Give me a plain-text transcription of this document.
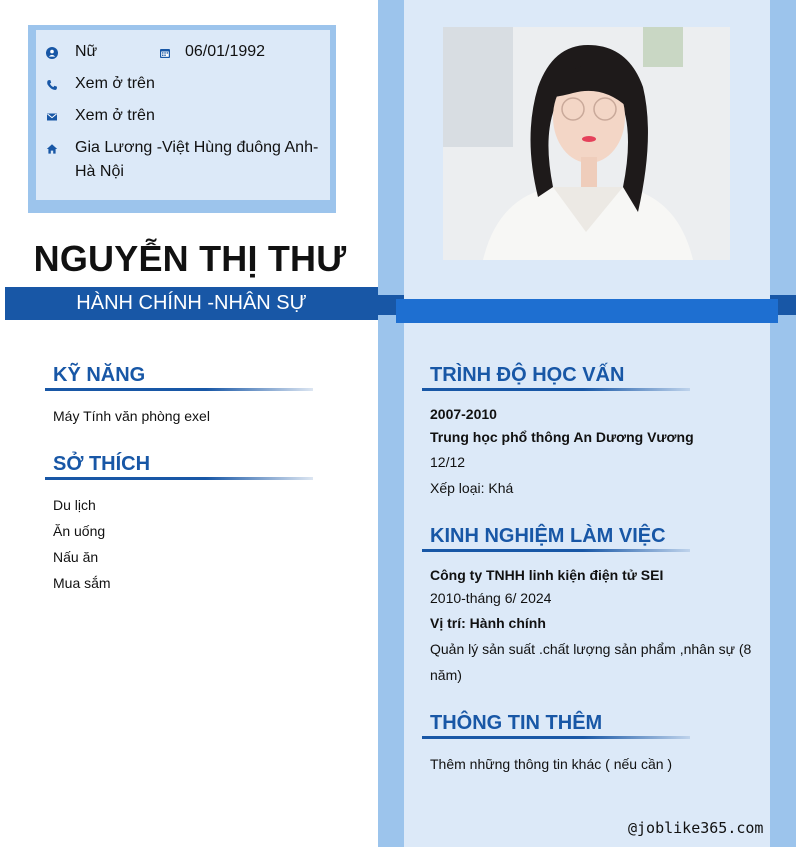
Nữ	06/01/1992
Xem ở trên
Xem ở trên
Gia Lương -Việt Hùng đuông Anh-
Hà Nội
NGUYỄN THỊ THƯ
HÀNH CHÍNH -NHÂN SỰ
KỸ NĂNG
Máy Tính văn phòng exel
SỞ THÍCH
Du lịch
Ăn uống
Nấu ăn
Mua sắm
TRÌNH ĐỘ HỌC VẤN
2007-2010
Trung học phổ thông An Dương Vương
12/12
Xếp loại: Khá
KINH NGHIỆM LÀM VIỆC
Công ty TNHH linh kiện điện tử SEI
2010-tháng 6/ 2024
Vị trí: Hành chính
Quản lý sản suất .chất lượng sản phẩm ,nhân sự (8
năm)
THÔNG TIN THÊM
Thêm những thông tin khác ( nếu cần )
@joblike365.com
